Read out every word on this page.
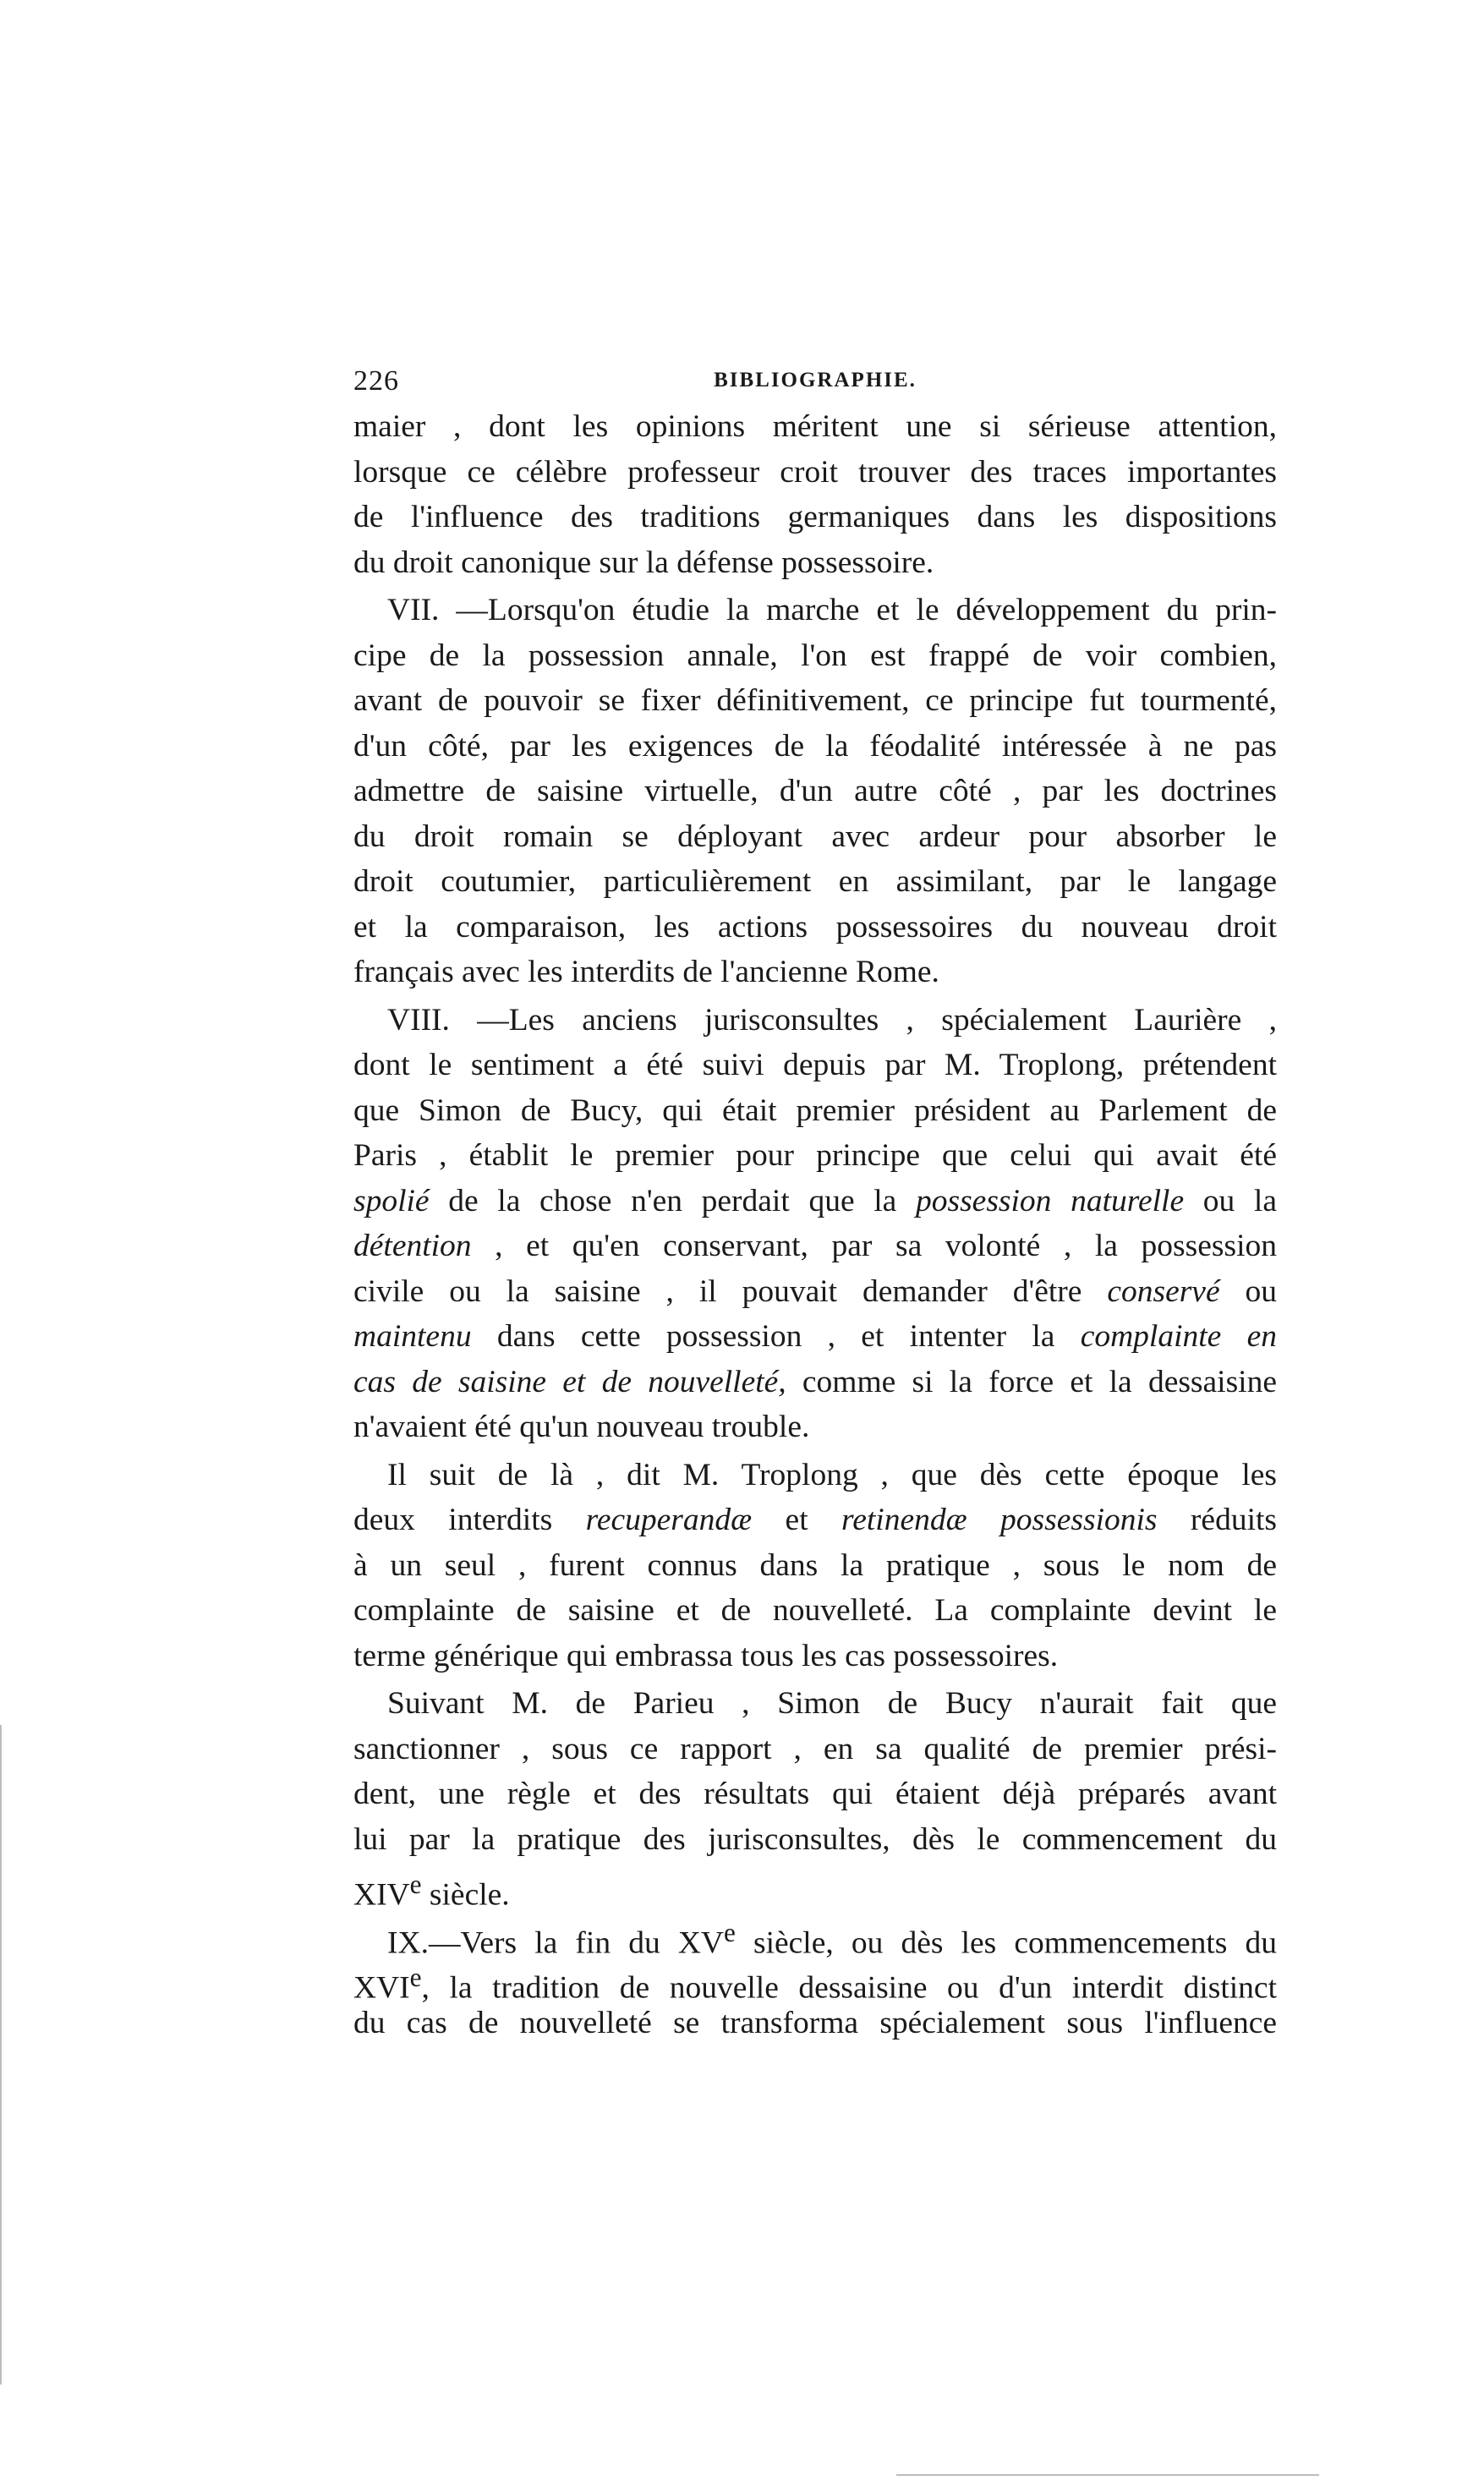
226	BIBLIOGRAPHIE.
maier , dont les opinions méritent une si sérieuse attention,
lorsque ce célèbre professeur croit trouver des traces importantes
de l'influence des traditions germaniques dans les dispositions
du droit canonique sur la défense possessoire.
VII. —Lorsqu'on étudie la marche et le développement du prin-
cipe de la possession annale, l'on est frappé de voir combien,
avant de pouvoir se fixer définitivement, ce principe fut tourmenté,
d'un côté, par les exigences de la féodalité intéressée à ne pas
admettre de saisine virtuelle, d'un autre côté , par les doctrines
du droit romain se déployant avec ardeur pour absorber le
droit coutumier, particulièrement en assimilant, par le langage
et la comparaison, les actions possessoires du nouveau droit
français avec les interdits de l'ancienne Rome.
VIII. —Les anciens jurisconsultes , spécialement Laurière ,
dont le sentiment a été suivi depuis par M. Troplong, prétendent
que Simon de Bucy, qui était premier président au Parlement de
Paris , établit le premier pour principe que celui qui avait été
spolié de la chose n'en perdait que la possession naturelle ou la
détention , et qu'en conservant, par sa volonté , la possession
civile ou la saisine , il pouvait demander d'être conservé ou
maintenu dans cette possession , et intenter la complainte en
cas de saisine et de nouvelleté, comme si la force et la dessaisine
n'avaient été qu'un nouveau trouble.
Il suit de là , dit M. Troplong , que dès cette époque les
deux interdits recuperandæ et retinendæ possessionis réduits
à un seul , furent connus dans la pratique , sous le nom de
complainte de saisine et de nouvelleté. La complainte devint le
terme générique qui embrassa tous les cas possessoires.
Suivant M. de Parieu , Simon de Bucy n'aurait fait que
sanctionner , sous ce rapport , en sa qualité de premier prési-
dent, une règle et des résultats qui étaient déjà préparés avant
lui par la pratique des jurisconsultes, dès le commencement du
XIVe siècle.
IX.—Vers la fin du XVe siècle, ou dès les commencements du
XVIe, la tradition de nouvelle dessaisine ou d'un interdit distinct
du cas de nouvelleté se transforma spécialement sous l'influence
